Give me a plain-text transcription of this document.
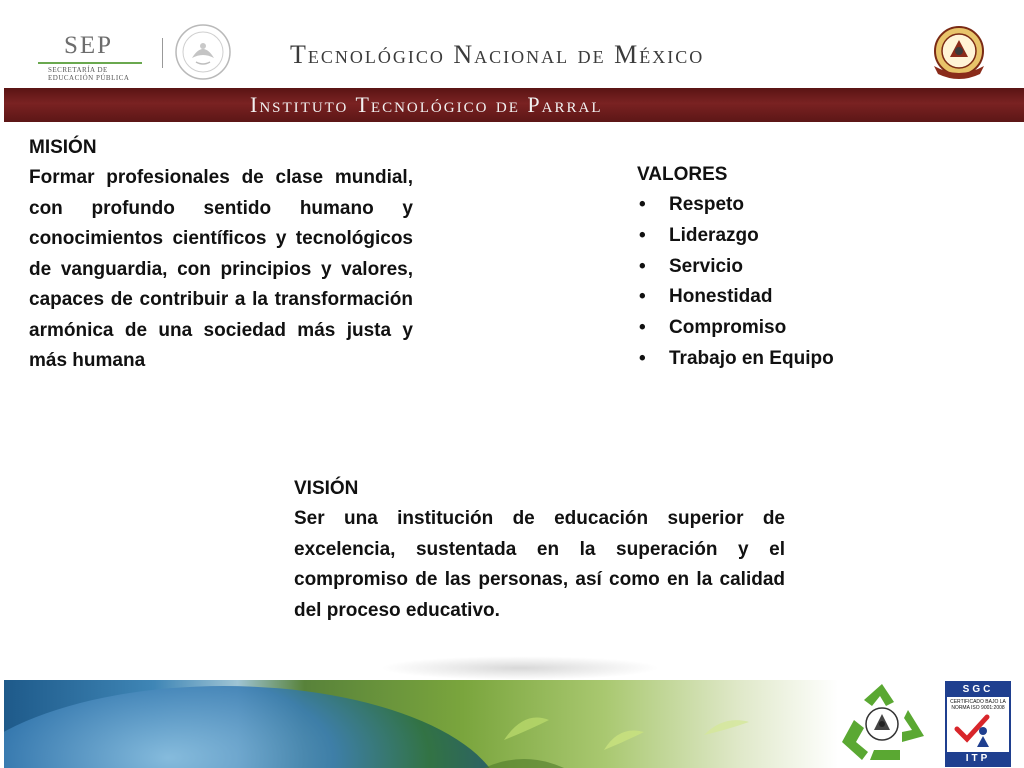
SEP
SECRETARÍA DE
EDUCACIÓN PÚBLICA
Tecnológico Nacional de México
Instituto Tecnológico de Parral
MISIÓN

Formar profesionales de clase mundial, con profundo sentido humano y conocimientos científicos y tecnológicos de vanguardia, con principios y valores, capaces de contribuir a la transformación armónica de una sociedad más justa y más humana

VALORES
• Respeto
• Liderazgo
• Servicio
• Honestidad
• Compromiso
• Trabajo en Equipo
VISIÓN

Ser una institución de educación superior de excelencia, sustentada en la superación y el compromiso de las personas, así como en la calidad del proceso educativo.

SGC
CERTIFICADO BAJO LA NORMA ISO 9001:2008
ITP
